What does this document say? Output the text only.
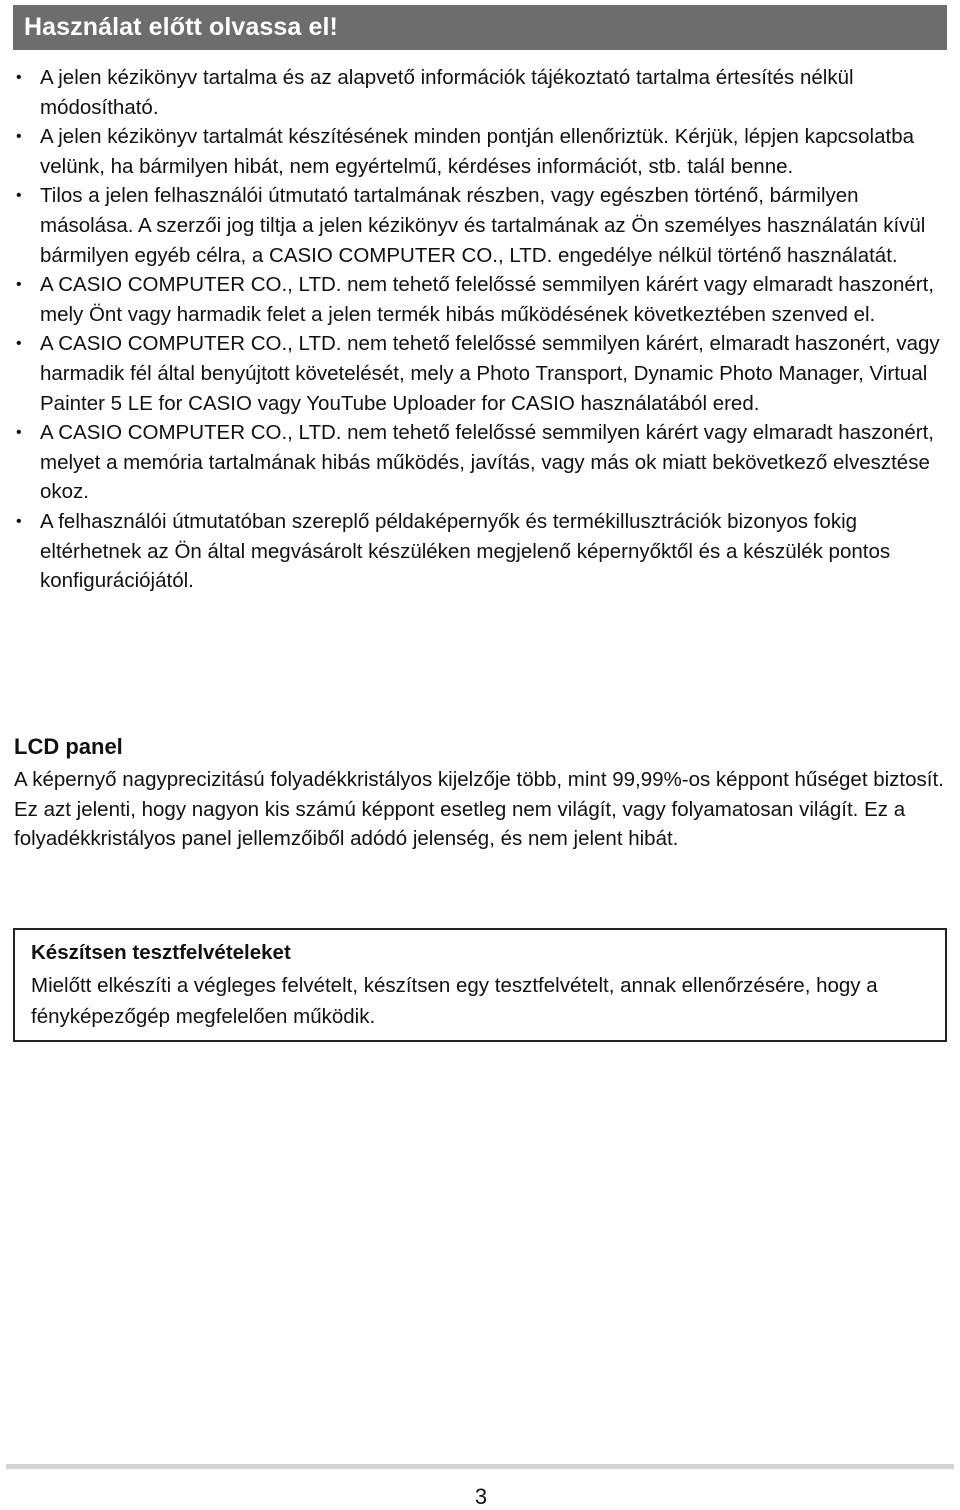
Használat előtt olvassa el!
• A jelen kézikönyv tartalma és az alapvető információk tájékoztató tartalma értesítés nélkül módosítható.
• A jelen kézikönyv tartalmát készítésének minden pontján ellenőriztük. Kérjük, lépjen kapcsolatba velünk, ha bármilyen hibát, nem egyértelmű, kérdéses információt, stb. talál benne.
• Tilos a jelen felhasználói útmutató tartalmának részben, vagy egészben történő, bármilyen másolása. A szerzői jog tiltja a jelen kézikönyv és tartalmának az Ön személyes használatán kívül bármilyen egyéb célra, a CASIO COMPUTER CO., LTD. engedélye nélkül történő használatát.
• A CASIO COMPUTER CO., LTD. nem tehető felelőssé semmilyen kárért vagy elmaradt haszonért, mely Önt vagy harmadik felet a jelen termék hibás működésének következtében szenved el.
• A CASIO COMPUTER CO., LTD. nem tehető felelőssé semmilyen kárért, elmaradt haszonért, vagy harmadik fél által benyújtott követelését, mely a Photo Transport, Dynamic Photo Manager, Virtual Painter 5 LE for CASIO vagy YouTube Uploader for CASIO használatából ered.
• A CASIO COMPUTER CO., LTD. nem tehető felelőssé semmilyen kárért vagy elmaradt haszonért, melyet a memória tartalmának hibás működés, javítás, vagy más ok miatt bekövetkező elvesztése okoz.
• A felhasználói útmutatóban szereplő példaképernyők és termékillusztrációk bizonyos fokig eltérhetnek az Ön által megvásárolt készüléken megjelenő képernyőktől és a készülék pontos konfigurációjától.
LCD panel

A képernyő nagyprecizitású folyadékkristályos kijelzője több, mint 99,99%-os képpont hűséget biztosít. Ez azt jelenti, hogy nagyon kis számú képpont esetleg nem világít, vagy folyamatosan világít. Ez a folyadékkristályos panel jellemzőiből adódó jelenség, és nem jelent hibát.

Készítsen tesztfelvételeket

Mielőtt elkészíti a végleges felvételt, készítsen egy tesztfelvételt, annak ellenőrzésére, hogy a fényképezőgép megfelelően működik.

3
